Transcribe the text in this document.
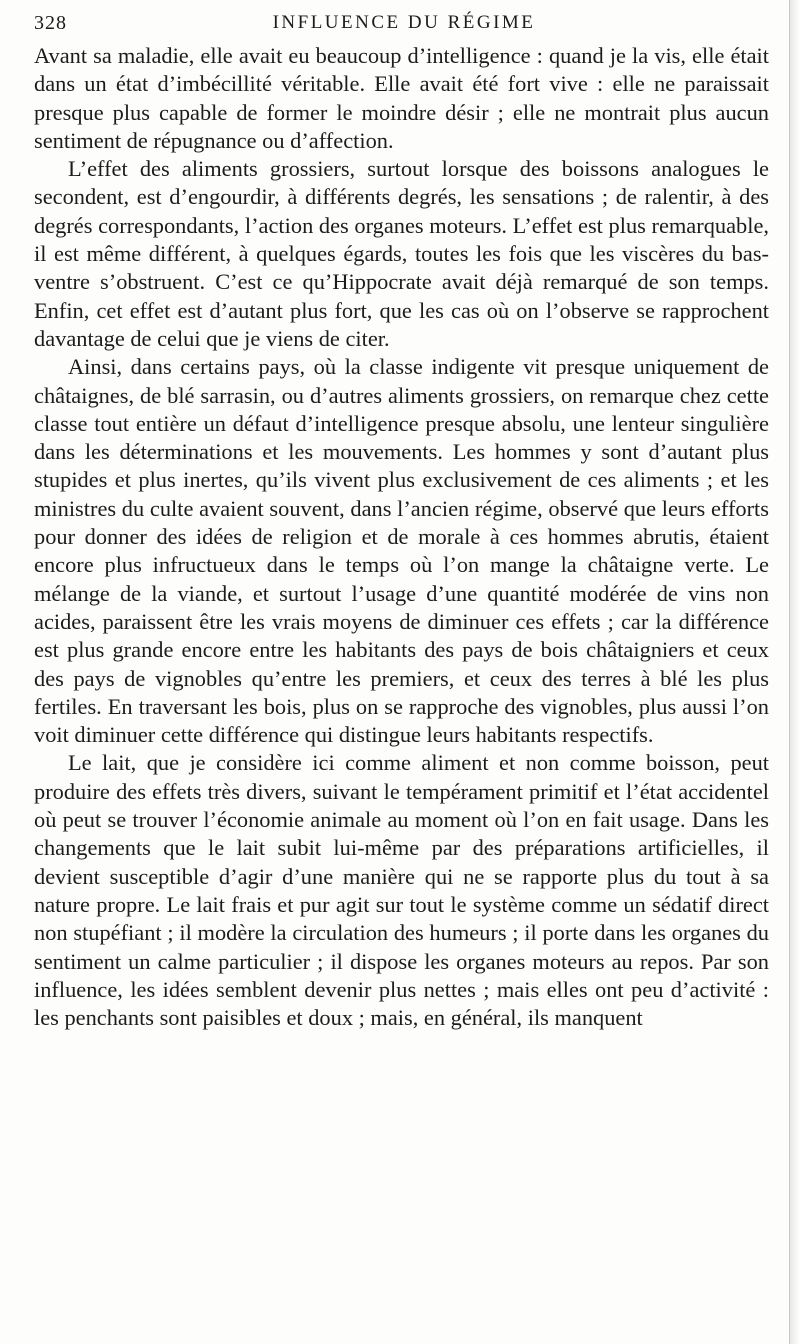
328	INFLUENCE DU RÉGIME

Avant sa maladie, elle avait eu beaucoup d’intelligence : quand je la vis, elle était dans un état d’imbécillité véritable. Elle avait été fort vive : elle ne paraissait presque plus capable de former le moindre désir ; elle ne montrait plus aucun sentiment de répugnance ou d’affection.

L’effet des aliments grossiers, surtout lorsque des boissons analogues le secondent, est d’engourdir, à différents degrés, les sensations ; de ralentir, à des degrés correspondants, l’action des organes moteurs. L’effet est plus remarquable, il est même différent, à quelques égards, toutes les fois que les viscères du bas-ventre s’obstruent. C’est ce qu’Hippocrate avait déjà remarqué de son temps. Enfin, cet effet est d’autant plus fort, que les cas où on l’observe se rapprochent davantage de celui que je viens de citer.

Ainsi, dans certains pays, où la classe indigente vit presque uniquement de châtaignes, de blé sarrasin, ou d’autres aliments grossiers, on remarque chez cette classe tout entière un défaut d’intelligence presque absolu, une lenteur singulière dans les déterminations et les mouvements. Les hommes y sont d’autant plus stupides et plus inertes, qu’ils vivent plus exclusivement de ces aliments ; et les ministres du culte avaient souvent, dans l’ancien régime, observé que leurs efforts pour donner des idées de religion et de morale à ces hommes abrutis, étaient encore plus infructueux dans le temps où l’on mange la châtaigne verte. Le mélange de la viande, et surtout l’usage d’une quantité modérée de vins non acides, paraissent être les vrais moyens de diminuer ces effets ; car la différence est plus grande encore entre les habitants des pays de bois châtaigniers et ceux des pays de vignobles qu’entre les premiers, et ceux des terres à blé les plus fertiles. En traversant les bois, plus on se rapproche des vignobles, plus aussi l’on voit diminuer cette différence qui distingue leurs habitants respectifs.

Le lait, que je considère ici comme aliment et non comme boisson, peut produire des effets très divers, suivant le tempérament primitif et l’état accidentel où peut se trouver l’économie animale au moment où l’on en fait usage. Dans les changements que le lait subit lui-même par des préparations artificielles, il devient susceptible d’agir d’une manière qui ne se rapporte plus du tout à sa nature propre. Le lait frais et pur agit sur tout le système comme un sédatif direct non stupéfiant ; il modère la circulation des humeurs ; il porte dans les organes du sentiment un calme particulier ; il dispose les organes moteurs au repos. Par son influence, les idées semblent devenir plus nettes ; mais elles ont peu d’activité : les penchants sont paisibles et doux ; mais, en général, ils manquent
